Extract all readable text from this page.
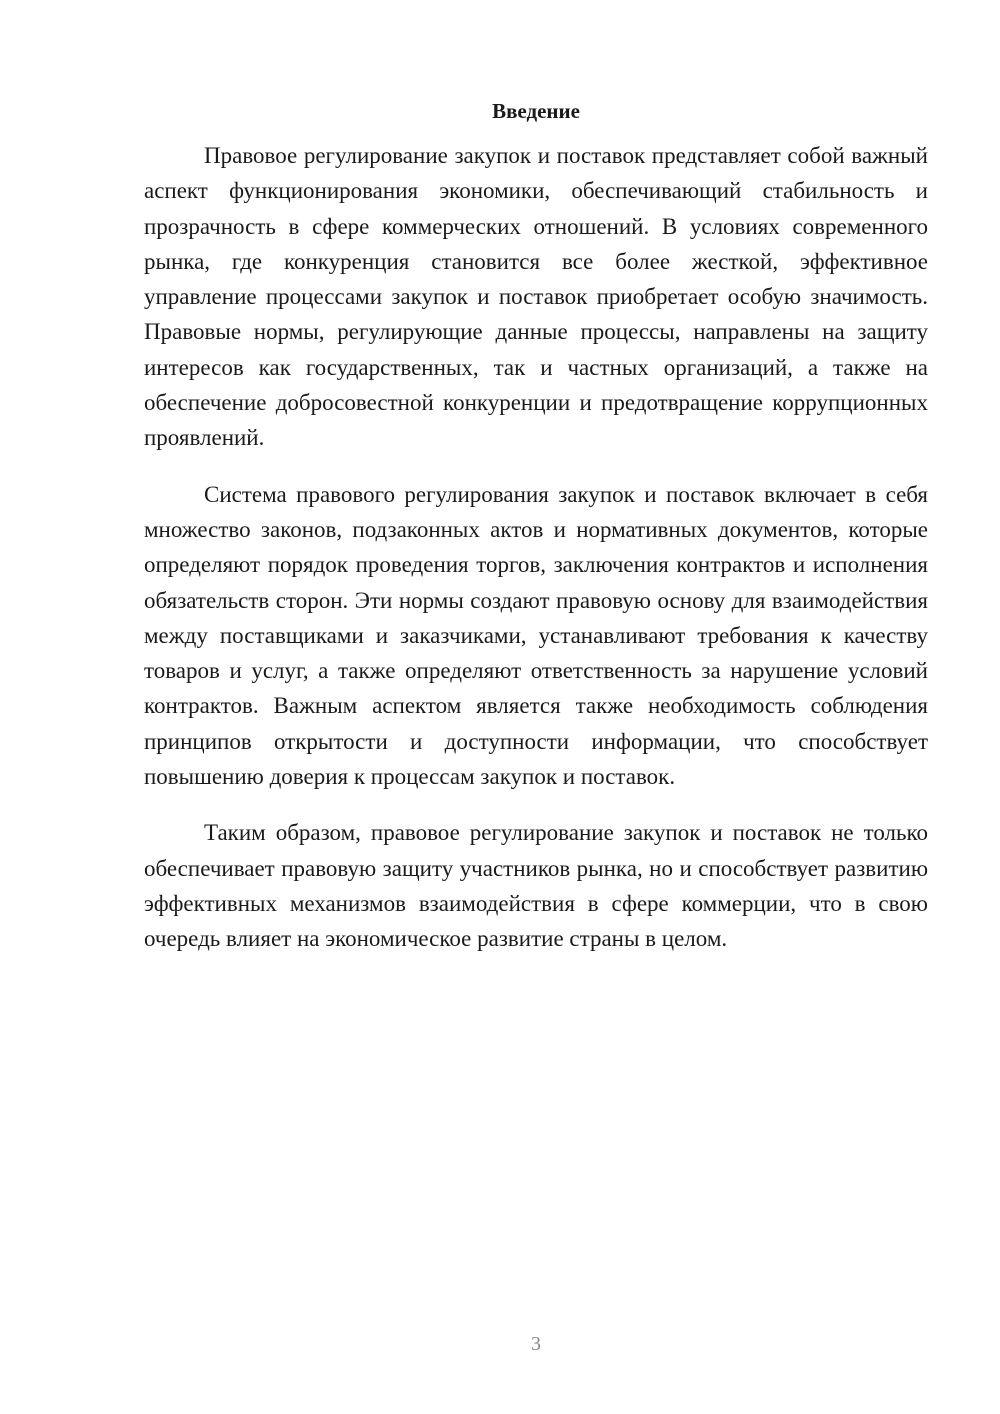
Введение

Правовое регулирование закупок и поставок представляет собой важный аспект функционирования экономики, обеспечивающий стабильность и прозрачность в сфере коммерческих отношений. В условиях современного рынка, где конкуренция становится все более жесткой, эффективное управление процессами закупок и поставок приобретает особую значимость. Правовые нормы, регулирующие данные процессы, направлены на защиту интересов как государственных, так и частных организаций, а также на обеспечение добросовестной конкуренции и предотвращение коррупционных проявлений.

Система правового регулирования закупок и поставок включает в себя множество законов, подзаконных актов и нормативных документов, которые определяют порядок проведения торгов, заключения контрактов и исполнения обязательств сторон. Эти нормы создают правовую основу для взаимодействия между поставщиками и заказчиками, устанавливают требования к качеству товаров и услуг, а также определяют ответственность за нарушение условий контрактов. Важным аспектом является также необходимость соблюдения принципов открытости и доступности информации, что способствует повышению доверия к процессам закупок и поставок.

Таким образом, правовое регулирование закупок и поставок не только обеспечивает правовую защиту участников рынка, но и способствует развитию эффективных механизмов взаимодействия в сфере коммерции, что в свою очередь влияет на экономическое развитие страны в целом.

3
